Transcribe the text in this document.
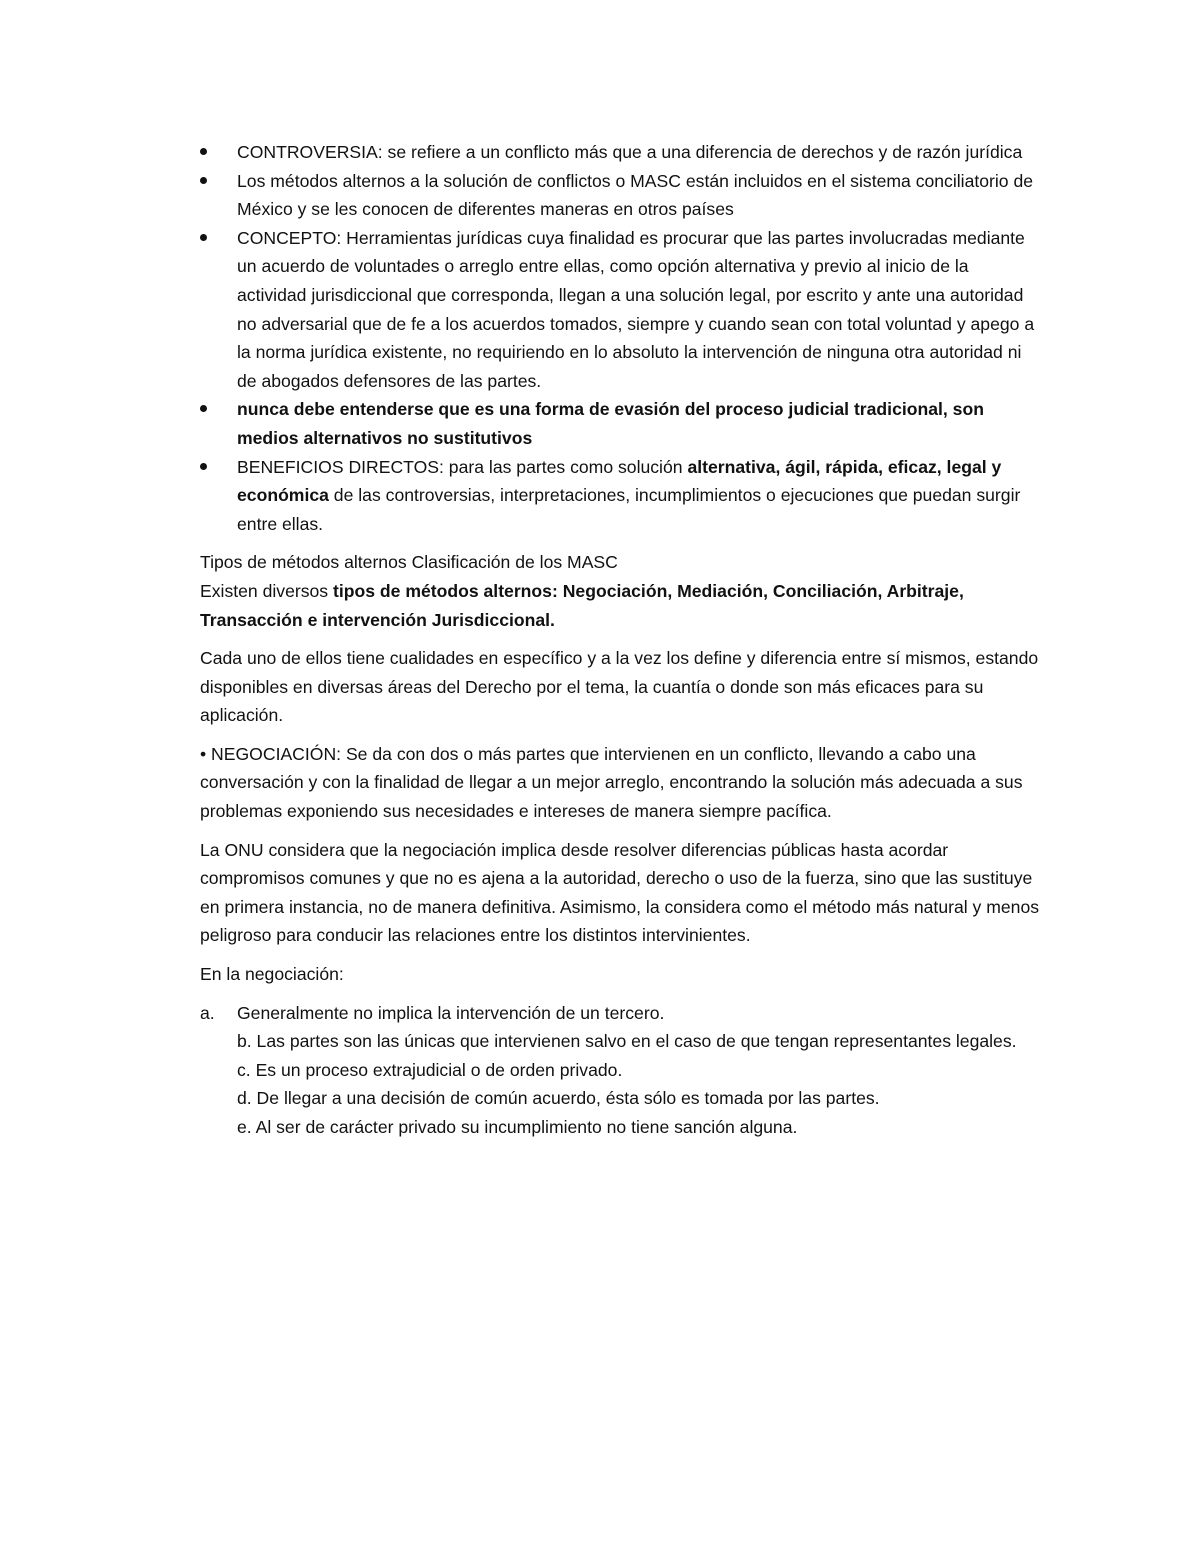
CONTROVERSIA: se refiere a un conflicto más que a una diferencia de derechos y de razón jurídica
Los métodos alternos a la solución de conflictos o MASC están incluidos en el sistema conciliatorio de México y se les conocen de diferentes maneras en otros países
CONCEPTO: Herramientas jurídicas cuya finalidad es procurar que las partes involucradas mediante un acuerdo de voluntades o arreglo entre ellas, como opción alternativa y previo al inicio de la actividad jurisdiccional que corresponda, llegan a una solución legal, por escrito y ante una autoridad no adversarial que de fe a los acuerdos tomados, siempre y cuando sean con total voluntad y apego a la norma jurídica existente, no requiriendo en lo absoluto la intervención de ninguna otra autoridad ni de abogados defensores de las partes.
nunca debe entenderse que es una forma de evasión del proceso judicial tradicional, son medios alternativos no sustitutivos
BENEFICIOS DIRECTOS: para las partes como solución alternativa, ágil, rápida, eficaz, legal y económica de las controversias, interpretaciones, incumplimientos o ejecuciones que puedan surgir entre ellas.

Tipos de métodos alternos Clasificación de los MASC

Existen diversos tipos de métodos alternos: Negociación, Mediación, Conciliación, Arbitraje, Transacción e intervención Jurisdiccional.

Cada uno de ellos tiene cualidades en específico y a la vez los define y diferencia entre sí mismos, estando disponibles en diversas áreas del Derecho por el tema, la cuantía o donde son más eficaces para su aplicación.

• NEGOCIACIÓN: Se da con dos o más partes que intervienen en un conflicto, llevando a cabo una conversación y con la finalidad de llegar a un mejor arreglo, encontrando la solución más adecuada a sus problemas exponiendo sus necesidades e intereses de manera siempre pacífica.

La ONU considera que la negociación implica desde resolver diferencias públicas hasta acordar compromisos comunes y que no es ajena a la autoridad, derecho o uso de la fuerza, sino que las sustituye en primera instancia, no de manera definitiva. Asimismo, la considera como el método más natural y menos peligroso para conducir las relaciones entre los distintos intervinientes.

En la negociación:

a. Generalmente no implica la intervención de un tercero.
b. Las partes son las únicas que intervienen salvo en el caso de que tengan representantes legales.
c. Es un proceso extrajudicial o de orden privado.
d. De llegar a una decisión de común acuerdo, ésta sólo es tomada por las partes.
e. Al ser de carácter privado su incumplimiento no tiene sanción alguna.
